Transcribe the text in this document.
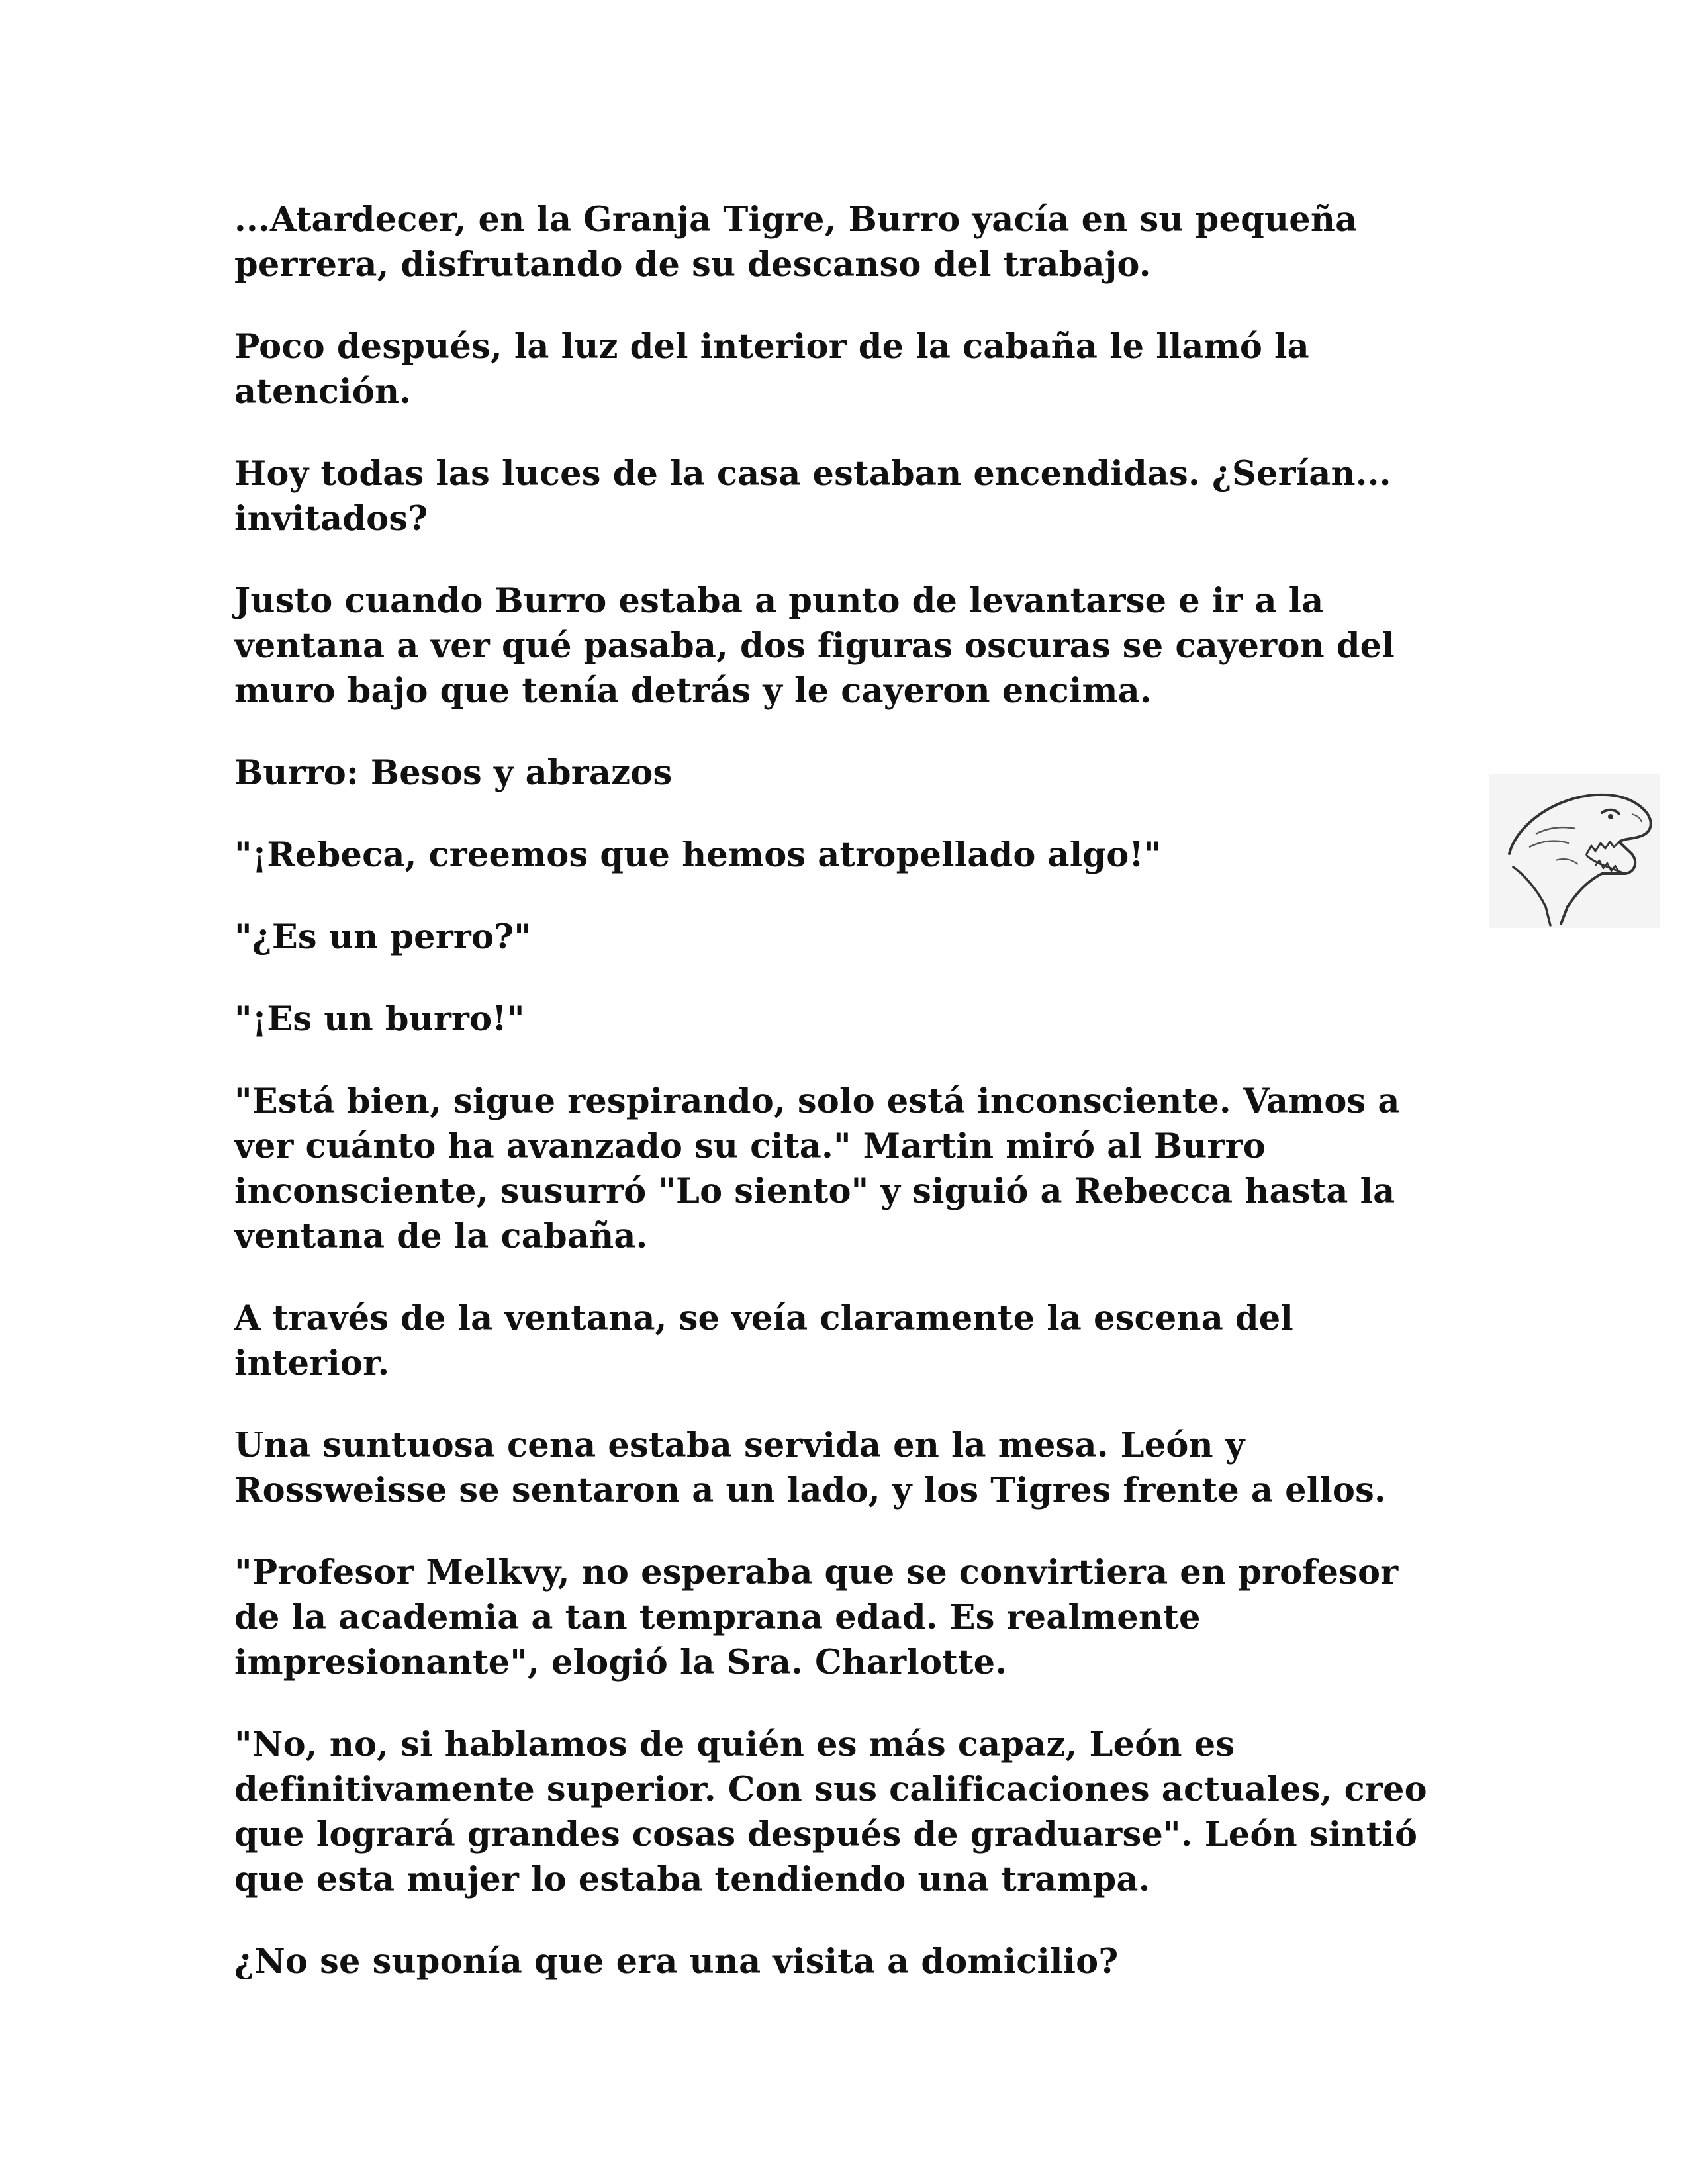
...Atardecer, en la Granja Tigre, Burro yacía en su pequeña
perrera, disfrutando de su descanso del trabajo.

Poco después, la luz del interior de la cabaña le llamó la
atención.

Hoy todas las luces de la casa estaban encendidas. ¿Serían...
invitados?

Justo cuando Burro estaba a punto de levantarse e ir a la
ventana a ver qué pasaba, dos figuras oscuras se cayeron del
muro bajo que tenía detrás y le cayeron encima.

Burro: Besos y abrazos

"¡Rebeca, creemos que hemos atropellado algo!"

"¿Es un perro?"

"¡Es un burro!"

"Está bien, sigue respirando, solo está inconsciente. Vamos a
ver cuánto ha avanzado su cita." Martin miró al Burro
inconsciente, susurró "Lo siento" y siguió a Rebecca hasta la
ventana de la cabaña.

A través de la ventana, se veía claramente la escena del
interior.

Una suntuosa cena estaba servida en la mesa. León y
Rossweisse se sentaron a un lado, y los Tigres frente a ellos.

"Profesor Melkvy, no esperaba que se convirtiera en profesor
de la academia a tan temprana edad. Es realmente
impresionante", elogió la Sra. Charlotte.

"No, no, si hablamos de quién es más capaz, León es
definitivamente superior. Con sus calificaciones actuales, creo
que logrará grandes cosas después de graduarse". León sintió
que esta mujer lo estaba tendiendo una trampa.

¿No se suponía que era una visita a domicilio?
